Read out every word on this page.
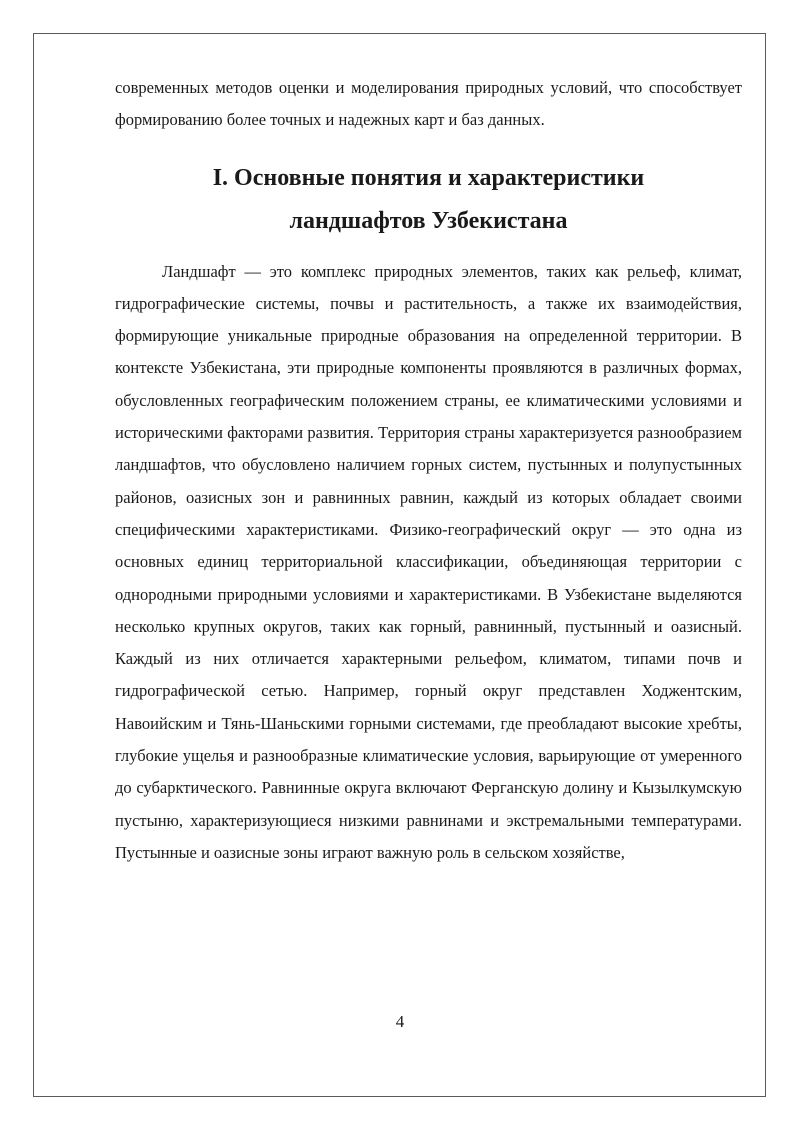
современных методов оценки и моделирования природных условий, что способствует формированию более точных и надежных карт и баз данных.

I. Основные понятия и характеристики
ландшафтов Узбекистана

Ландшафт — это комплекс природных элементов, таких как рельеф, климат, гидрографические системы, почвы и растительность, а также их взаимодействия, формирующие уникальные природные образования на определенной территории. В контексте Узбекистана, эти природные компоненты проявляются в различных формах, обусловленных географическим положением страны, ее климатическими условиями и историческими факторами развития. Территория страны характеризуется разнообразием ландшафтов, что обусловлено наличием горных систем, пустынных и полупустынных районов, оазисных зон и равнинных равнин, каждый из которых обладает своими специфическими характеристиками. Физико-географический округ — это одна из основных единиц территориальной классификации, объединяющая территории с однородными природными условиями и характеристиками. В Узбекистане выделяются несколько крупных округов, таких как горный, равнинный, пустынный и оазисный. Каждый из них отличается характерными рельефом, климатом, типами почв и гидрографической сетью. Например, горный округ представлен Ходжентским, Навоийским и Тянь-Шаньскими горными системами, где преобладают высокие хребты, глубокие ущелья и разнообразные климатические условия, варьирующие от умеренного до субарктического. Равнинные округа включают Ферганскую долину и Кызылкумскую пустыню, характеризующиеся низкими равнинами и экстремальными температурами. Пустынные и оазисные зоны играют важную роль в сельском хозяйстве,

4
